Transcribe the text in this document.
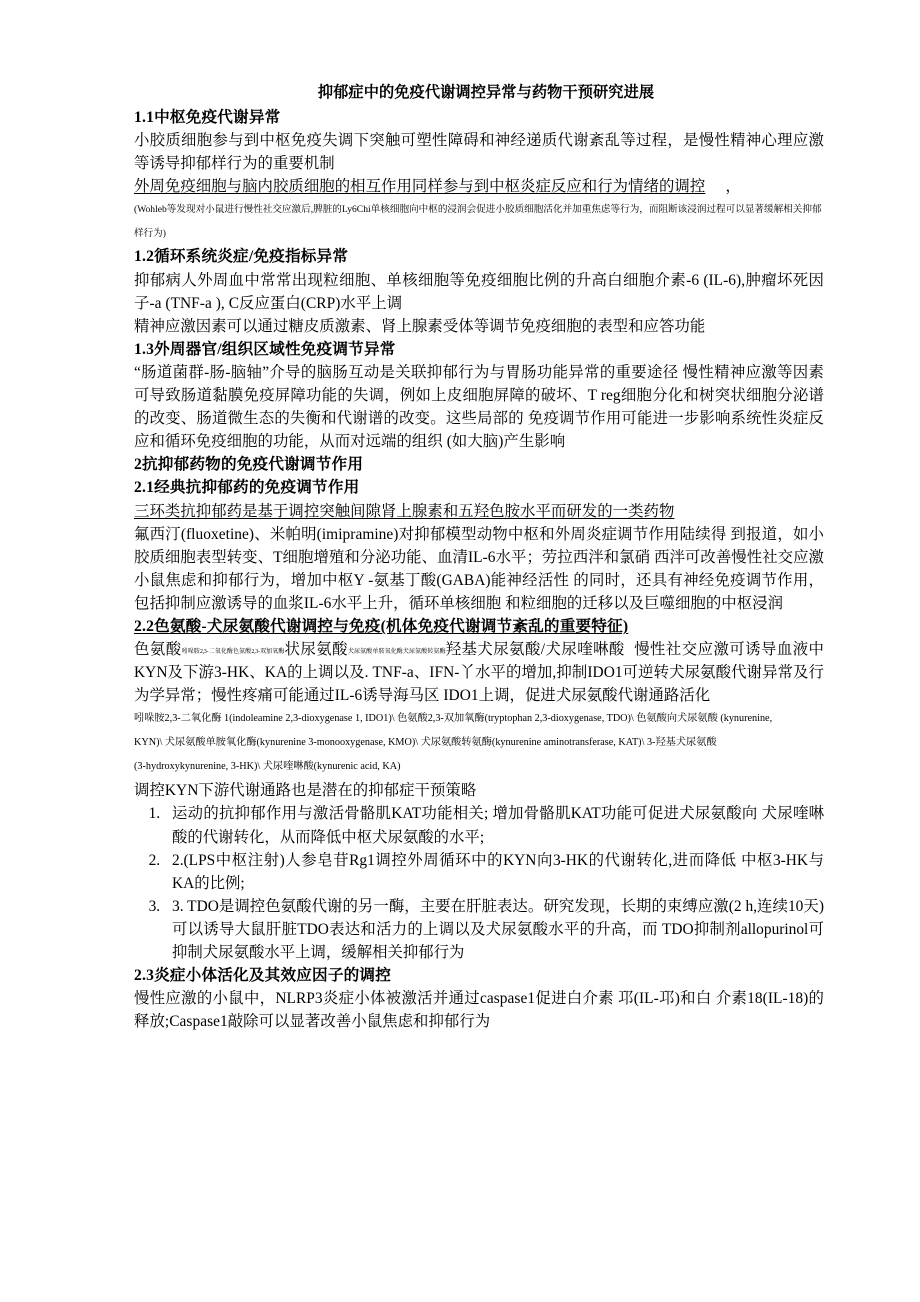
抑郁症中的免疫代谢调控异常与药物干预研究进展
1.1中枢免疫代谢异常
小胶质细胞参与到中枢免疫失调下突触可塑性障碍和神经递质代谢紊乱等过程，是慢性精神心理应激等诱导抑郁样行为的重要机制
外周免疫细胞与脑内胶质细胞的相互作用同样参与到中枢炎症反应和行为情绪的调控 ，
(Wohleb等发现对小鼠进行慢性社交应激后,脾脏的Ly6Chi单核细胞向中枢的浸润会促进小胶质细胞活化并加重焦虑等行为，而阻断该浸润过程可以显著缓解相关抑郁样行为)
1.2循环系统炎症/免疫指标异常
抑郁病人外周血中常常出现粒细胞、单核细胞等免疫细胞比例的升高白细胞介素-6 (IL-6),肿瘤坏死因子-a (TNF-a ), C反应蛋白(CRP)水平上调
精神应激因素可以通过糖皮质激素、肾上腺素受体等调节免疫细胞的表型和应答功能
1.3外周器官/组织区域性免疫调节异常
“肠道菌群-肠-脑轴”介导的脑肠互动是关联抑郁行为与胃肠功能异常的重要途径 慢性精神应激等因素可导致肠道黏膜免疫屏障功能的失调，例如上皮细胞屏障的破坏、T reg细胞分化和树突状细胞分泌谱的改变、肠道微生态的失衡和代谢谱的改变。这些局部的 免疫调节作用可能进一步影响系统性炎症反应和循环免疫细胞的功能，从而对远端的组织 (如大脑)产生影响
2抗抑郁药物的免疫代谢调节作用
2.1经典抗抑郁药的免疫调节作用
三环类抗抑郁药是基于调控突触间隙肾上腺素和五羟色胺水平而研发的一类药物
氟西汀(fluoxetine)、米帕明(imipramine)对抑郁模型动物中枢和外周炎症调节作用陆续得 到报道，如小胶质细胞表型转变、T细胞增殖和分泌功能、血清IL-6水平；劳拉西泮和氯硝 西泮可改善慢性社交应激小鼠焦虑和抑郁行为，增加中枢Y -氨基丁酸(GABA)能神经活性 的同时，还具有神经免疫调节作用，包括抑制应激诱导的血浆IL-6水平上升，循环单核细胞 和粒细胞的迁移以及巨噬细胞的中枢浸润
2.2色氨酸-犬尿氨酸代谢调控与免疫(机体免疫代谢调节紊乱的重要特征)
色氨酸吲哚胺2,3-二氧化酶色氨酸2,3-双加氧酶状尿氨酸犬尿氨酸单胺氧化酶犬尿氨酸转氨酶羟基犬尿氨酸/犬尿喹啉酸 慢性社交应激可诱导血液中KYN及下游3-HK、KA的上调以及. TNF-a、IFN-丫水平的增加,抑制IDO1可逆转犬尿氨酸代谢异常及行为学异常；慢性疼痛可能通过IL-6诱导海马区 IDO1上调，促进犬尿氨酸代谢通路活化
吲哚胺2,3-二氧化酶 1(indoleamine 2,3-dioxygenase 1, IDO1)\ 色氨酸2,3-双加氧酶(tryptophan 2,3-dioxygenase, TDO)\ 色氨酸向犬尿氨酸 (kynurenine,
KYN)\ 犬尿氨酸单胺氧化酶(kynurenine 3-monooxygenase, KMO)\ 犬尿氨酸转氨酶(kynurenine aminotransferase, KAT)\ 3-羟基犬尿氨酸
(3-hydroxykynurenine, 3-HK)\ 犬尿喹啉酸(kynurenic acid, KA)
调控KYN下游代谢通路也是潜在的抑郁症干预策略
1. 运动的抗抑郁作用与激活骨骼肌KAT功能相关; 增加骨骼肌KAT功能可促进犬尿氨酸向 犬尿喹啉酸的代谢转化，从而降低中枢犬尿氨酸的水平;
2. 2.(LPS中枢注射)人参皂苷Rg1调控外周循环中的KYN向3-HK的代谢转化,进而降低 中枢3-HK与KA的比例;
3. 3. TDO是调控色氨酸代谢的另一酶，主要在肝脏表达。研究发现，长期的束缚应激(2 h,连续10天)可以诱导大鼠肝脏TDO表达和活力的上调以及犬尿氨酸水平的升高，而 TDO抑制剂allopurinol可抑制犬尿氨酸水平上调，缓解相关抑郁行为
2.3炎症小体活化及其效应因子的调控
慢性应激的小鼠中，NLRP3炎症小体被激活并通过caspase1促进白介素 邛(IL-邛)和白 介素18(IL-18)的释放;Caspase1敲除可以显著改善小鼠焦虑和抑郁行为
